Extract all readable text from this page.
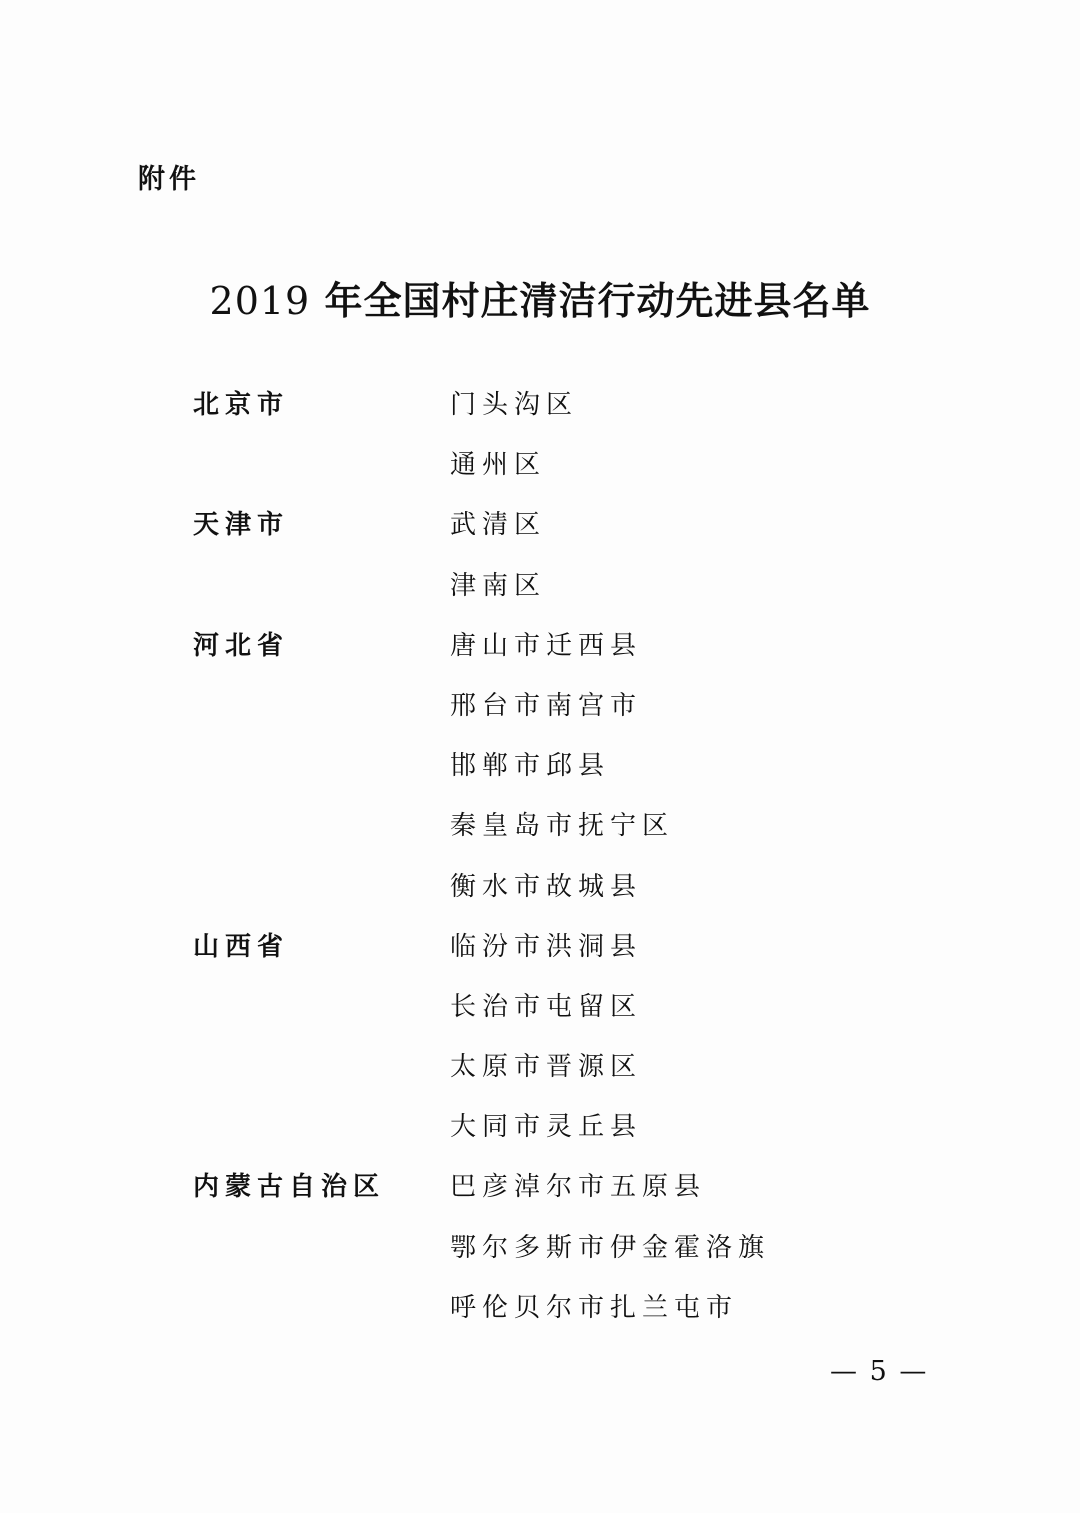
附件
2019 年全国村庄清洁行动先进县名单
北京市	门头沟区
通州区
天津市	武清区
津南区
河北省	唐山市迁西县
邢台市南宫市
邯郸市邱县
秦皇岛市抚宁区
衡水市故城县
山西省	临汾市洪洞县
长治市屯留区
太原市晋源区
大同市灵丘县
内蒙古自治区 巴彦淖尔市五原县
鄂尔多斯市伊金霍洛旗
呼伦贝尔市扎兰屯市
— 5 —
